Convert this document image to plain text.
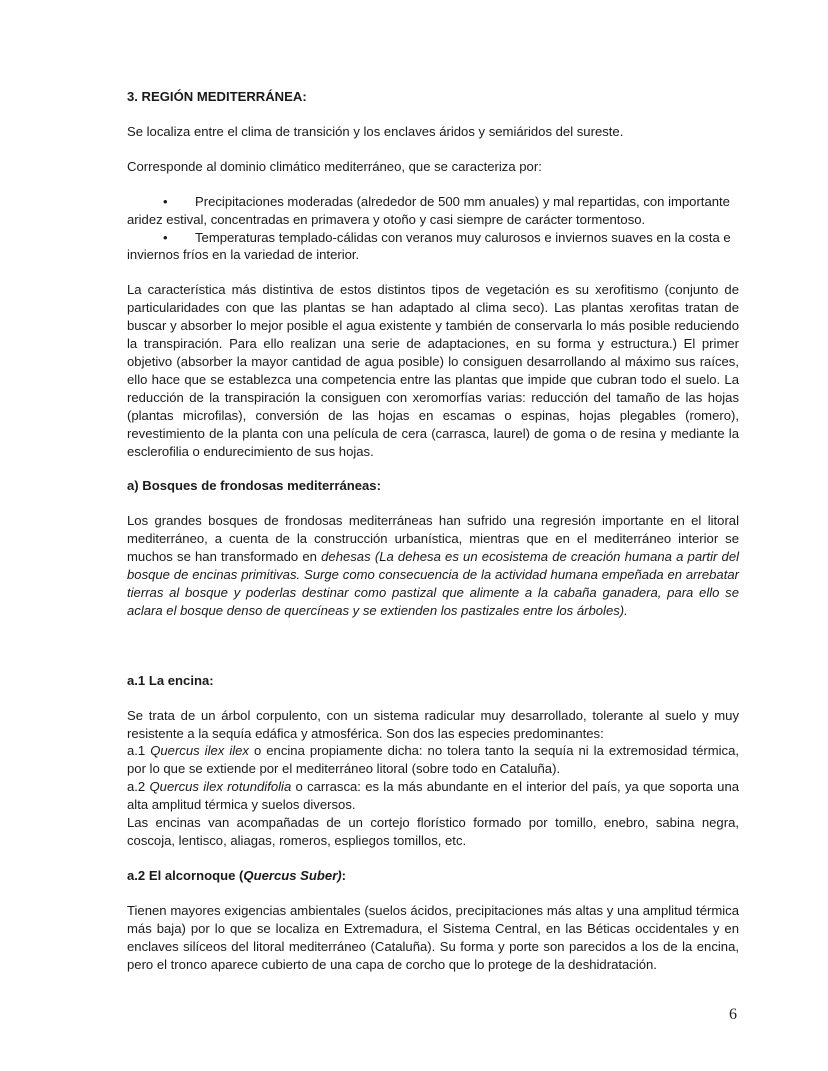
3. REGIÓN MEDITERRÁNEA:

Se localiza entre el clima de transición y los enclaves áridos y semiáridos del sureste.

Corresponde al dominio climático mediterráneo, que se caracteriza por:

•	Precipitaciones moderadas (alrededor de 500 mm anuales) y mal repartidas, con importante

aridez estival, concentradas en primavera y otoño y casi siempre de carácter tormentoso.

•	Temperaturas templado-cálidas con veranos muy calurosos e inviernos suaves en la costa e

inviernos fríos en la variedad de interior.

La característica más distintiva de estos distintos tipos de vegetación es su xerofitismo (conjunto de particularidades con que las plantas se han adaptado al clima seco). Las plantas xerofitas tratan de buscar y absorber lo mejor posible el agua existente y también de conservarla lo más posible reduciendo la transpiración. Para ello realizan una serie de adaptaciones, en su forma y estructura.) El primer objetivo (absorber la mayor cantidad de agua posible) lo consiguen desarrollando al máximo sus raíces, ello hace que se establezca una competencia entre las plantas que impide que cubran todo el suelo. La reducción de la transpiración la consiguen con xeromorfías varias: reducción del tamaño de las hojas (plantas microfilas), conversión de las hojas en escamas o espinas, hojas plegables (romero), revestimiento de la planta con una película de cera (carrasca, laurel) de goma o de resina y mediante la esclerofilia o endurecimiento de sus hojas.

a) Bosques de frondosas mediterráneas:

Los grandes bosques de frondosas mediterráneas han sufrido una regresión importante en el litoral mediterráneo, a cuenta de la construcción urbanística, mientras que en el mediterráneo interior se muchos se han transformado en dehesas (La dehesa es un ecosistema de creación humana a partir del bosque de encinas primitivas. Surge como consecuencia de la actividad humana empeñada en arrebatar tierras al bosque y poderlas destinar como pastizal que alimente a la cabaña ganadera, para ello se aclara el bosque denso de quercíneas y se extienden los pastizales entre los árboles).

a.1 La encina:

Se trata de un árbol corpulento, con un sistema radicular muy desarrollado, tolerante al suelo y muy resistente a la sequía edáfica y atmosférica. Son dos las especies predominantes:

a.1 Quercus ilex ilex o encina propiamente dicha: no tolera tanto la sequía ni la extremosidad térmica, por lo que se extiende por el mediterráneo litoral (sobre todo en Cataluña).

a.2 Quercus ilex rotundifolia o carrasca: es la más abundante en el interior del país, ya que soporta una alta amplitud térmica y suelos diversos.

Las encinas van acompañadas de un cortejo florístico formado por tomillo, enebro, sabina negra, coscoja, lentisco, aliagas, romeros, espliegos tomillos, etc.

a.2 El alcornoque (Quercus Suber):

Tienen mayores exigencias ambientales (suelos ácidos, precipitaciones más altas y una amplitud térmica más baja) por lo que se localiza en Extremadura, el Sistema Central, en las Béticas occidentales y en enclaves silíceos del litoral mediterráneo (Cataluña). Su forma y porte son parecidos a los de la encina, pero el tronco aparece cubierto de una capa de corcho que lo protege de la deshidratación.

6
